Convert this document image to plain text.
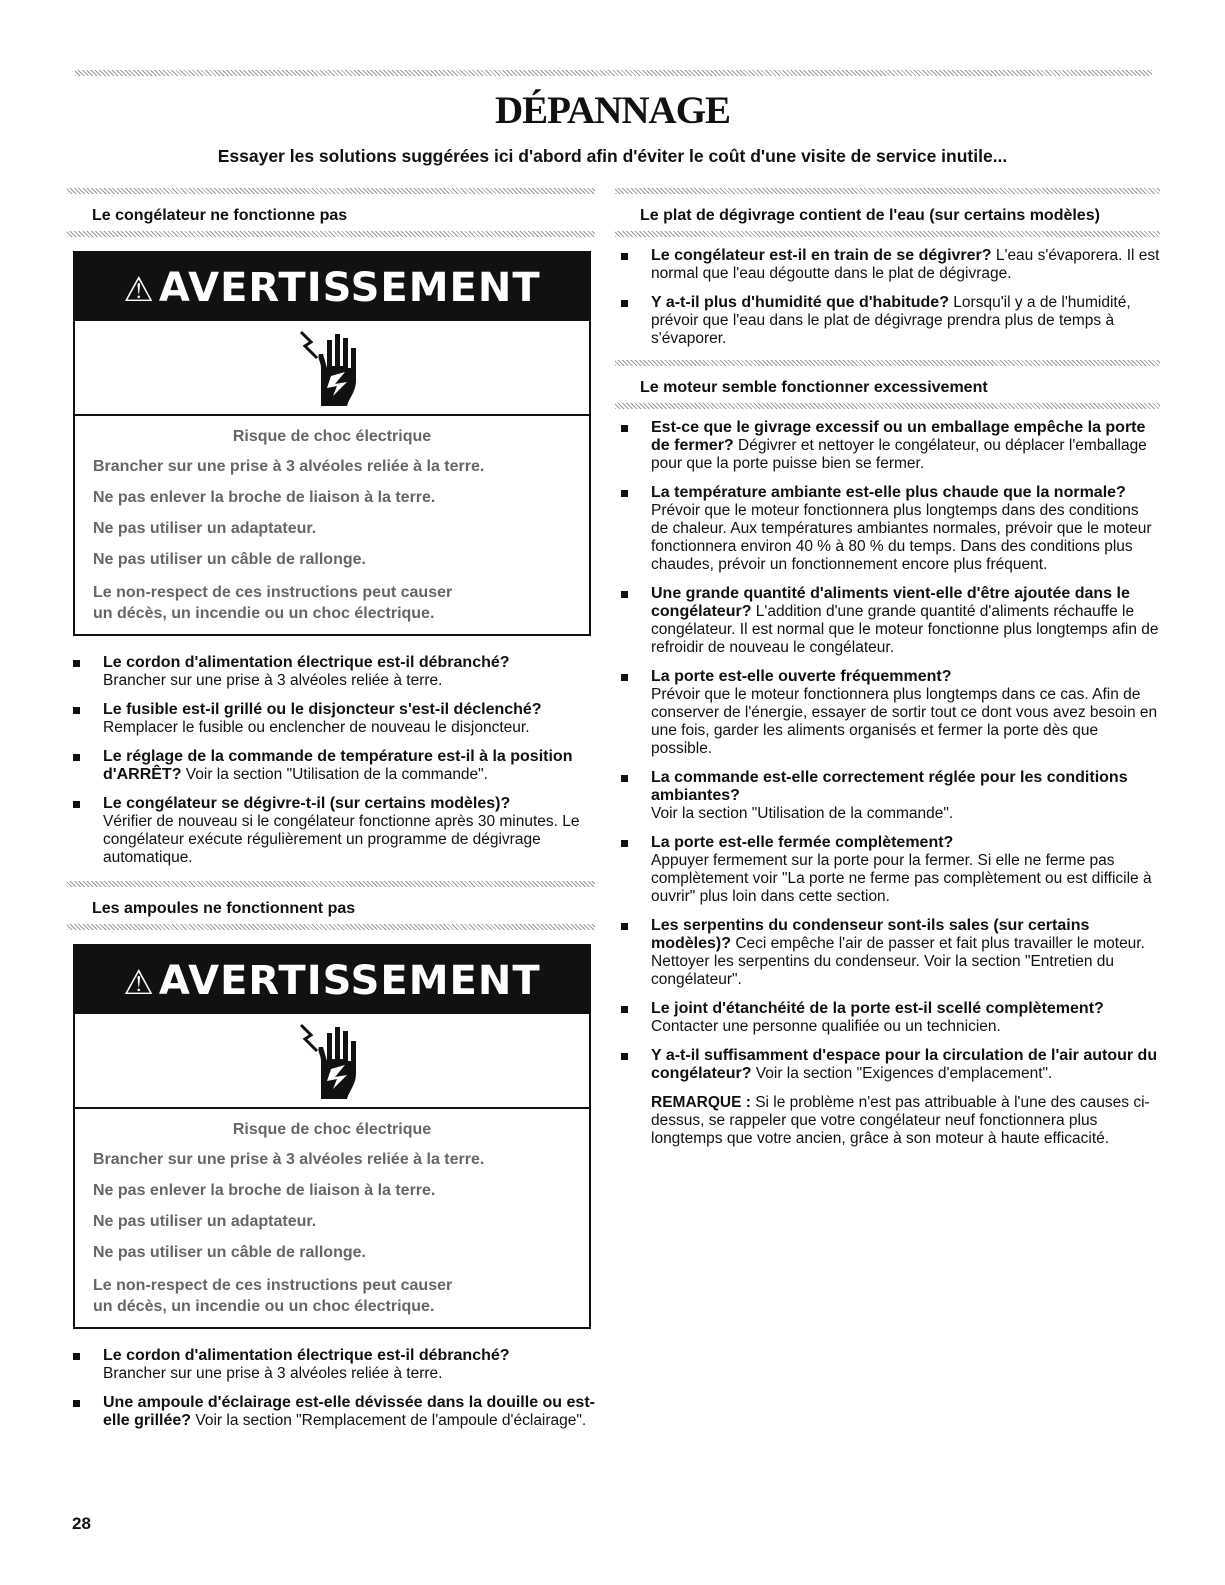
DÉPANNAGE
Essayer les solutions suggérées ici d'abord afin d'éviter le coût d'une visite de service inutile...
Le congélateur ne fonctionne pas
⚠ AVERTISSEMENT
Risque de choc électrique

Brancher sur une prise à 3 alvéoles reliée à la terre.

Ne pas enlever la broche de liaison à la terre.

Ne pas utiliser un adaptateur.

Ne pas utiliser un câble de rallonge.

Le non-respect de ces instructions peut causer
un décès, un incendie ou un choc électrique.

Le cordon d'alimentation électrique est-il débranché?
Brancher sur une prise à 3 alvéoles reliée à terre.
Le fusible est-il grillé ou le disjoncteur s'est-il déclenché?
Remplacer le fusible ou enclencher de nouveau le disjoncteur.
Le réglage de la commande de température est-il à la position d'ARRÊT? Voir la section "Utilisation de la commande".
Le congélateur se dégivre-t-il (sur certains modèles)?
Vérifier de nouveau si le congélateur fonctionne après 30 minutes. Le congélateur exécute régulièrement un programme de dégivrage automatique.
Les ampoules ne fonctionnent pas
⚠ AVERTISSEMENT
Risque de choc électrique

Brancher sur une prise à 3 alvéoles reliée à la terre.

Ne pas enlever la broche de liaison à la terre.

Ne pas utiliser un adaptateur.

Ne pas utiliser un câble de rallonge.

Le non-respect de ces instructions peut causer
un décès, un incendie ou un choc électrique.

Le cordon d'alimentation électrique est-il débranché?
Brancher sur une prise à 3 alvéoles reliée à terre.
Une ampoule d'éclairage est-elle dévissée dans la douille ou est-elle grillée? Voir la section "Remplacement de l'ampoule d'éclairage".
Le plat de dégivrage contient de l'eau (sur certains modèles)
Le congélateur est-il en train de se dégivrer? L'eau s'évaporera. Il est normal que l'eau dégoutte dans le plat de dégivrage.
Y a-t-il plus d'humidité que d'habitude? Lorsqu'il y a de l'humidité, prévoir que l'eau dans le plat de dégivrage prendra plus de temps à s'évaporer.
Le moteur semble fonctionner excessivement
Est-ce que le givrage excessif ou un emballage empêche la porte de fermer? Dégivrer et nettoyer le congélateur, ou déplacer l'emballage pour que la porte puisse bien se fermer.
La température ambiante est-elle plus chaude que la normale? Prévoir que le moteur fonctionnera plus longtemps dans des conditions de chaleur. Aux températures ambiantes normales, prévoir que le moteur fonctionnera environ 40 % à 80 % du temps. Dans des conditions plus chaudes, prévoir un fonctionnement encore plus fréquent.
Une grande quantité d'aliments vient-elle d'être ajoutée dans le congélateur? L'addition d'une grande quantité d'aliments réchauffe le congélateur. Il est normal que le moteur fonctionne plus longtemps afin de refroidir de nouveau le congélateur.
La porte est-elle ouverte fréquemment?
Prévoir que le moteur fonctionnera plus longtemps dans ce cas. Afin de conserver de l'énergie, essayer de sortir tout ce dont vous avez besoin en une fois, garder les aliments organisés et fermer la porte dès que possible.
La commande est-elle correctement réglée pour les conditions ambiantes?
Voir la section "Utilisation de la commande".
La porte est-elle fermée complètement?
Appuyer fermement sur la porte pour la fermer. Si elle ne ferme pas complètement voir "La porte ne ferme pas complètement ou est difficile à ouvrir" plus loin dans cette section.
Les serpentins du condenseur sont-ils sales (sur certains modèles)? Ceci empêche l'air de passer et fait plus travailler le moteur. Nettoyer les serpentins du condenseur. Voir la section "Entretien du congélateur".
Le joint d'étanchéité de la porte est-il scellé complètement? Contacter une personne qualifiée ou un technicien.
Y a-t-il suffisamment d'espace pour la circulation de l'air autour du congélateur? Voir la section "Exigences d'emplacement".
REMARQUE : Si le problème n'est pas attribuable à l'une des causes ci-dessus, se rappeler que votre congélateur neuf fonctionnera plus longtemps que votre ancien, grâce à son moteur à haute efficacité.
28
